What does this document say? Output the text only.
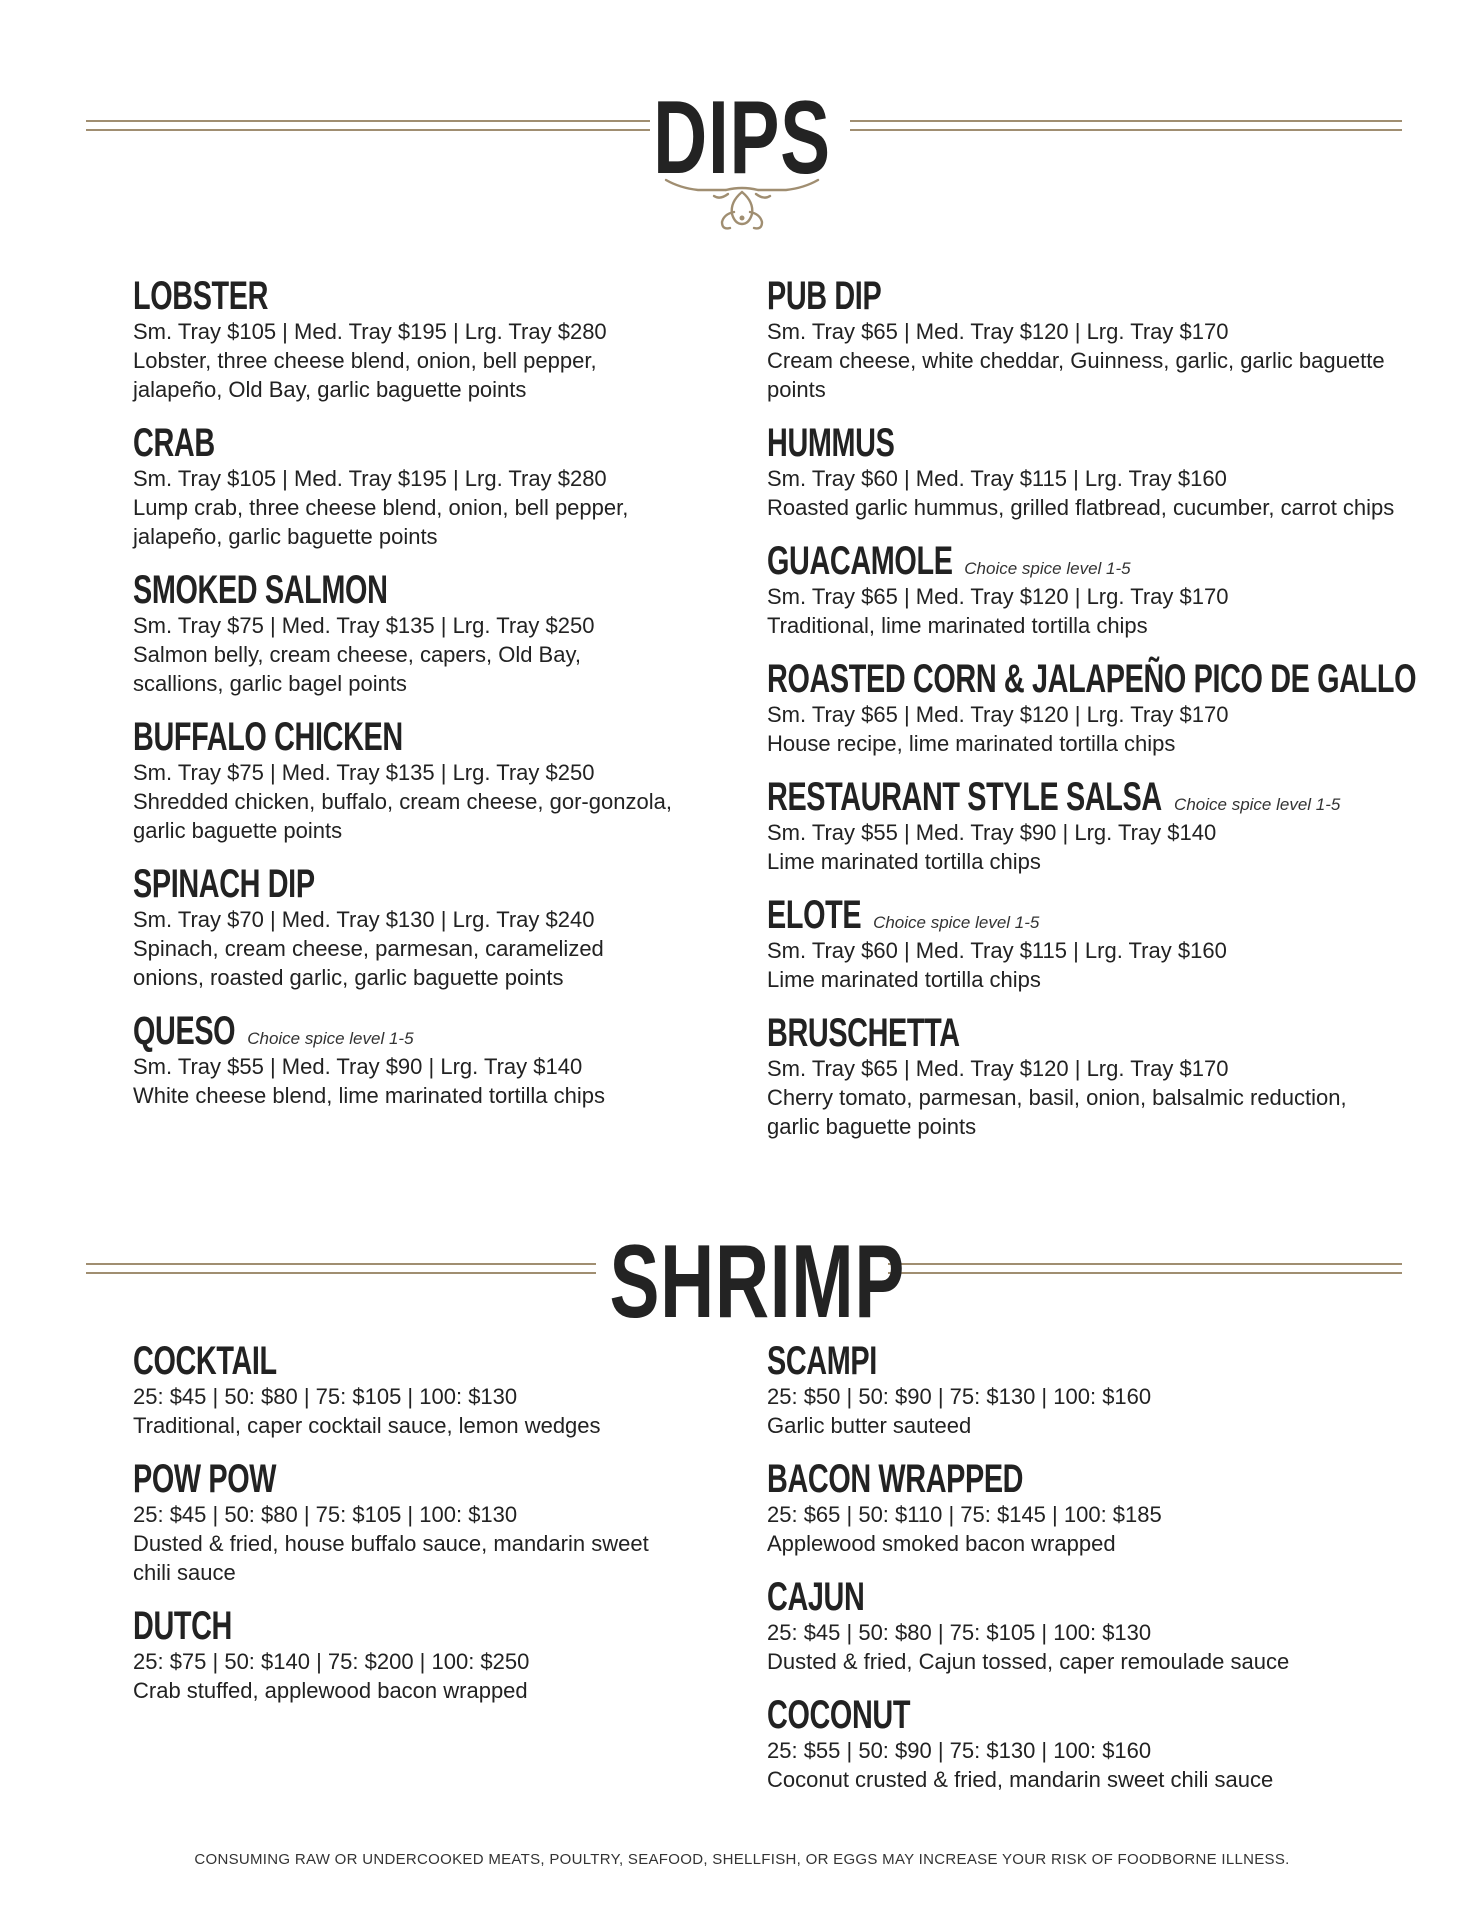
DIPS
LOBSTER

Sm. Tray $105 | Med. Tray $195 | Lrg. Tray $280

Lobster, three cheese blend, onion, bell pepper, jalapeño, Old Bay, garlic baguette points

CRAB

Sm. Tray $105 | Med. Tray $195 | Lrg. Tray $280

Lump crab, three cheese blend, onion, bell pepper, jalapeño, garlic baguette points

SMOKED SALMON

Sm. Tray $75 | Med. Tray $135 | Lrg. Tray $250

Salmon belly, cream cheese, capers, Old Bay, scallions, garlic bagel points

BUFFALO CHICKEN

Sm. Tray $75 | Med. Tray $135 | Lrg. Tray $250

Shredded chicken, buffalo, cream cheese, gor-gonzola, garlic baguette points

SPINACH DIP

Sm. Tray $70 | Med. Tray $130 | Lrg. Tray $240

Spinach, cream cheese, parmesan, caramelized onions, roasted garlic, garlic baguette points

QUESO Choice spice level 1-5

Sm. Tray $55 | Med. Tray $90 | Lrg. Tray $140

White cheese blend, lime marinated tortilla chips

PUB DIP

Sm. Tray $65 | Med. Tray $120 | Lrg. Tray $170

Cream cheese, white cheddar, Guinness, garlic, garlic baguette points

HUMMUS

Sm. Tray $60 | Med. Tray $115 | Lrg. Tray $160

Roasted garlic hummus, grilled flatbread, cucumber, carrot chips

GUACAMOLE Choice spice level 1-5

Sm. Tray $65 | Med. Tray $120 | Lrg. Tray $170

Traditional, lime marinated tortilla chips

ROASTED CORN & JALAPEÑO PICO DE GALLO

Sm. Tray $65 | Med. Tray $120 | Lrg. Tray $170

House recipe, lime marinated tortilla chips

RESTAURANT STYLE SALSA Choice spice level 1-5

Sm. Tray $55 | Med. Tray $90 | Lrg. Tray $140

Lime marinated tortilla chips

ELOTE Choice spice level 1-5

Sm. Tray $60 | Med. Tray $115 | Lrg. Tray $160

Lime marinated tortilla chips

BRUSCHETTA

Sm. Tray $65 | Med. Tray $120 | Lrg. Tray $170

Cherry tomato, parmesan, basil, onion, balsalmic reduction, garlic baguette points

SHRIMP
COCKTAIL

25: $45 | 50: $80 | 75: $105 | 100: $130

Traditional, caper cocktail sauce, lemon wedges

POW POW

25: $45 | 50: $80 | 75: $105 | 100: $130

Dusted & fried, house buffalo sauce, mandarin sweet chili sauce

DUTCH

25: $75 | 50: $140 | 75: $200 | 100: $250

Crab stuffed, applewood bacon wrapped

SCAMPI

25: $50 | 50: $90 | 75: $130 | 100: $160

Garlic butter sauteed

BACON WRAPPED

25: $65 | 50: $110 | 75: $145 | 100: $185

Applewood smoked bacon wrapped

CAJUN

25: $45 | 50: $80 | 75: $105 | 100: $130

Dusted & fried, Cajun tossed, caper remoulade sauce

COCONUT

25: $55 | 50: $90 | 75: $130 | 100: $160

Coconut crusted & fried, mandarin sweet chili sauce

CONSUMING RAW OR UNDERCOOKED MEATS, POULTRY, SEAFOOD, SHELLFISH, OR EGGS MAY INCREASE YOUR RISK OF FOODBORNE ILLNESS.
